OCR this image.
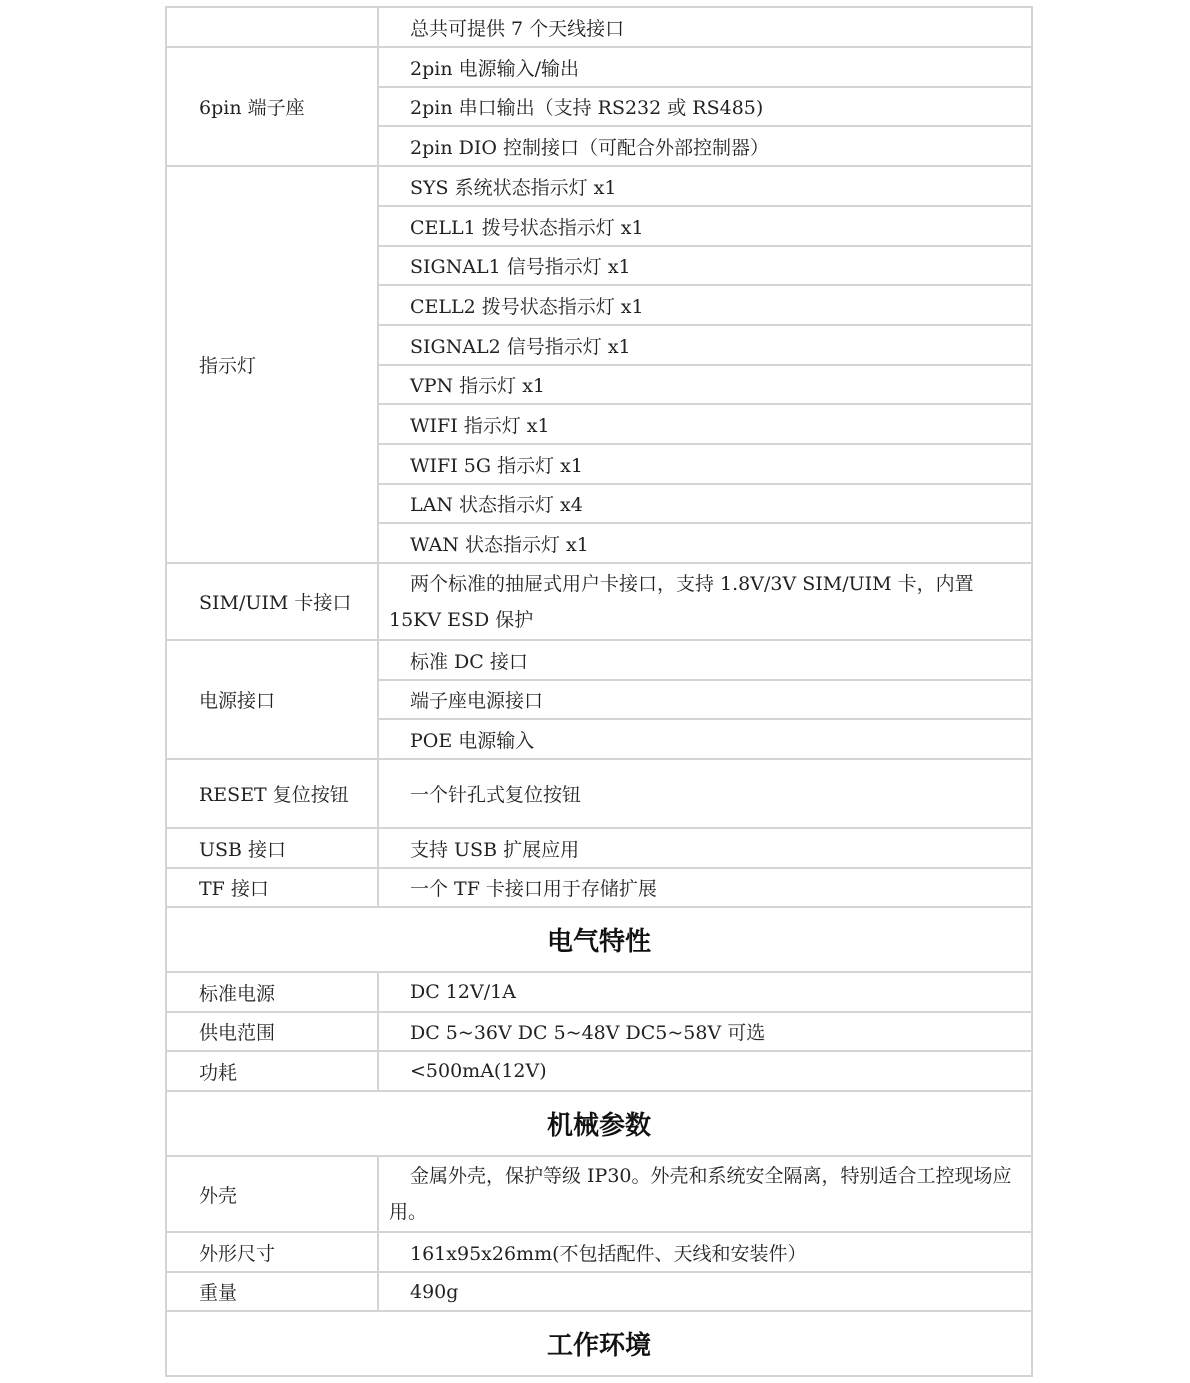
	总共可提供 7 个天线接口
6pin 端子座	2pin 电源输入/输出
	2pin 串口输出（支持 RS232 或 RS485)
	2pin DIO 控制接口（可配合外部控制器）
指示灯	SYS 系统状态指示灯 x1
	CELL1 拨号状态指示灯 x1
	SIGNAL1 信号指示灯 x1
	CELL2 拨号状态指示灯 x1
	SIGNAL2 信号指示灯 x1
	VPN 指示灯 x1
	WIFI 指示灯 x1
	WIFI 5G 指示灯 x1
	LAN 状态指示灯 x4
	WAN 状态指示灯 x1
SIM/UIM 卡接口	两个标准的抽屉式用户卡接口，支持 1.8V/3V SIM/UIM 卡，内置 15KV ESD 保护
电源接口	标准 DC 接口
	端子座电源接口
	POE 电源输入
RESET 复位按钮	一个针孔式复位按钮
USB 接口	支持 USB 扩展应用
TF 接口	一个 TF 卡接口用于存储扩展
电气特性	
标准电源	DC 12V/1A
供电范围	DC 5~36V DC 5~48V DC5~58V 可选
功耗	<500mA(12V)
机械参数	
外壳	金属外壳，保护等级 IP30。外壳和系统安全隔离，特别适合工控现场应用。
外形尺寸	161x95x26mm(不包括配件、天线和安装件）
重量	490g
工作环境	
